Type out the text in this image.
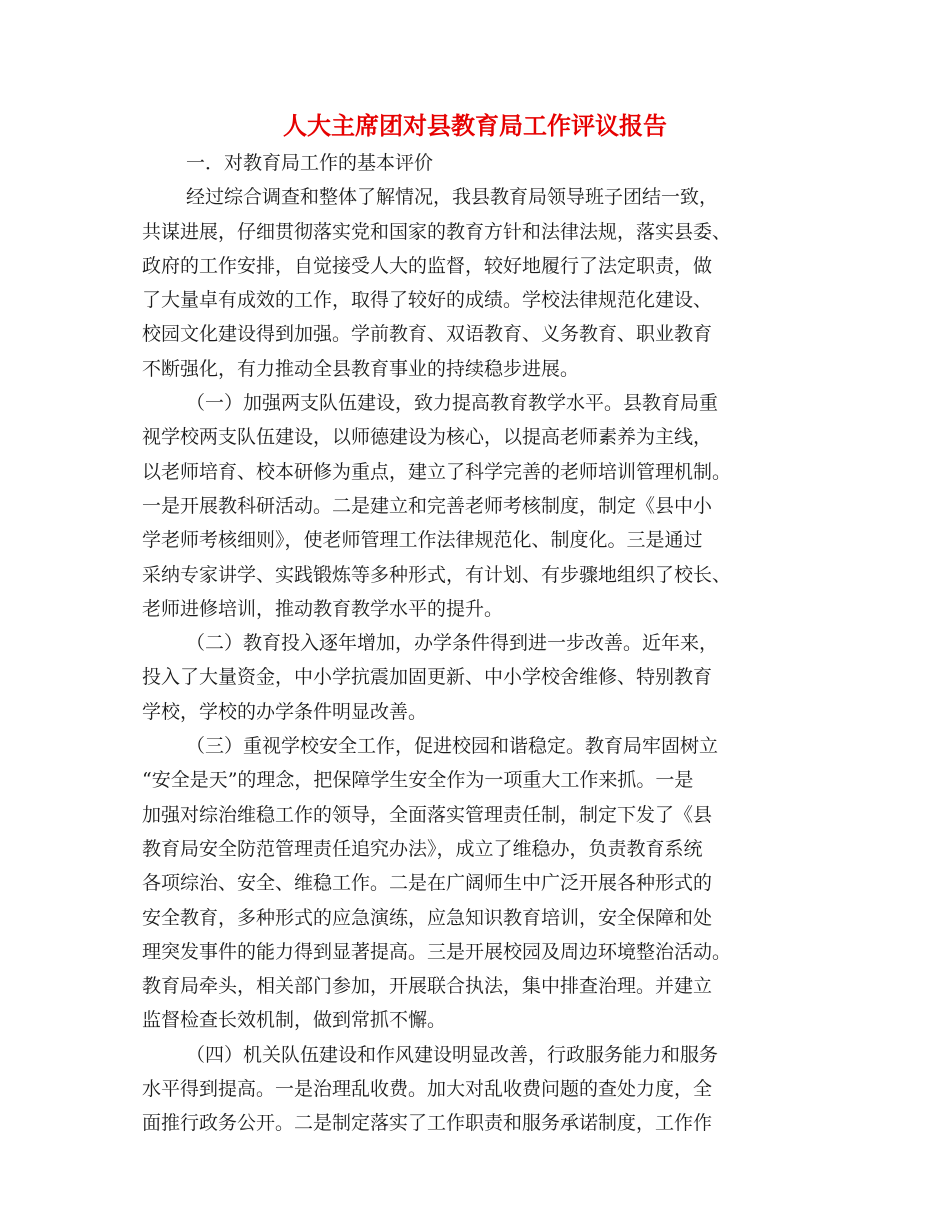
人大主席团对县教育局工作评议报告
一．对教育局工作的基本评价
经过综合调查和整体了解情况，我县教育局领导班子团结一致，
共谋进展，仔细贯彻落实党和国家的教育方针和法律法规，落实县委、
政府的工作安排，自觉接受人大的监督，较好地履行了法定职责，做
了大量卓有成效的工作，取得了较好的成绩。学校法律规范化建设、
校园文化建设得到加强。学前教育、双语教育、义务教育、职业教育
不断强化，有力推动全县教育事业的持续稳步进展。
（一）加强两支队伍建设，致力提高教育教学水平。县教育局重
视学校两支队伍建设，以师德建设为核心，以提高老师素养为主线，
以老师培育、校本研修为重点，建立了科学完善的老师培训管理机制。
一是开展教科研活动。二是建立和完善老师考核制度，制定《县中小
学老师考核细则》，使老师管理工作法律规范化、制度化。三是通过
采纳专家讲学、实践锻炼等多种形式，有计划、有步骤地组织了校长、
老师进修培训，推动教育教学水平的提升。
（二）教育投入逐年增加，办学条件得到进一步改善。近年来，
投入了大量资金，中小学抗震加固更新、中小学校舍维修、特别教育
学校，学校的办学条件明显改善。
（三）重视学校安全工作，促进校园和谐稳定。教育局牢固树立
“安全是天”的理念，把保障学生安全作为一项重大工作来抓。一是
加强对综治维稳工作的领导，全面落实管理责任制，制定下发了《县
教育局安全防范管理责任追究办法》，成立了维稳办，负责教育系统
各项综治、安全、维稳工作。二是在广阔师生中广泛开展各种形式的
安全教育，多种形式的应急演练，应急知识教育培训，安全保障和处
理突发事件的能力得到显著提高。三是开展校园及周边环境整治活动。
教育局牵头，相关部门参加，开展联合执法，集中排查治理。并建立
监督检查长效机制，做到常抓不懈。
（四）机关队伍建设和作风建设明显改善，行政服务能力和服务
水平得到提高。一是治理乱收费。加大对乱收费问题的查处力度，全
面推行政务公开。二是制定落实了工作职责和服务承诺制度，工作作
